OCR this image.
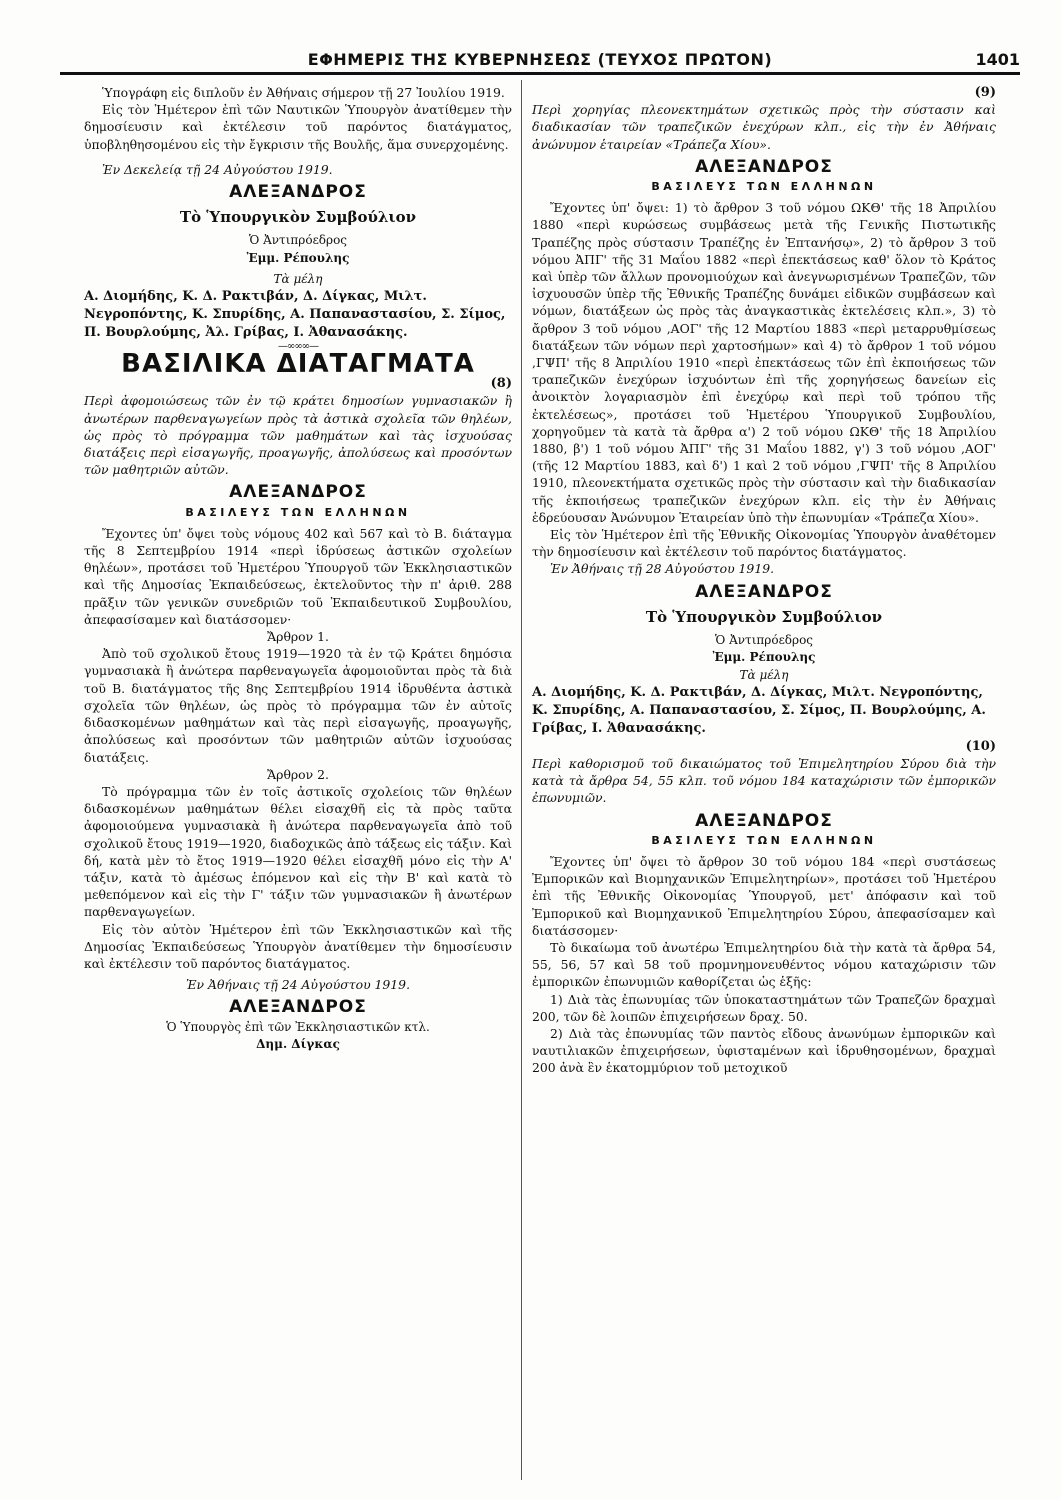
ΕΦΗΜΕΡΙΣ ΤΗΣ ΚΥΒΕΡΝΗΣΕΩΣ (ΤΕΥΧΟΣ ΠΡΩΤΟΝ)	1401

Ὑπογράφη εἰς διπλοῦν ἐν Ἀθήναις σήμερον τῇ 27 Ἰουλίου 1919.

Εἰς τὸν Ἡμέτερον ἐπὶ τῶν Ναυτικῶν Ὑπουργὸν ἀνατίθεμεν τὴν δημοσίευσιν καὶ ἐκτέλεσιν τοῦ παρόντος διατάγματος, ὑποβληθησομένου εἰς τὴν ἔγκρισιν τῆς Βουλῆς, ἅμα συνερχομένης.

Ἐν Δεκελείᾳ τῇ 24 Αὐγούστου 1919.

ΑΛΕΞΑΝΔΡΟΣ
Τὸ Ὑπουργικὸν Συμβούλιον
Ὁ Ἀντιπρόεδρος
Ἐμμ. Ρέπουλης
Τὰ μέλη

Α. Διομήδης, Κ. Δ. Ρακτιβάν, Δ. Δίγκας, Μιλτ. Νεγροπόντης, Κ. Σπυρίδης, Α. Παπαναστασίου, Σ. Σίμος, Π. Βουρλούμης, Ἀλ. Γρίβας, Ι. Ἀθανασάκης.

—∞∞∞—
ΒΑΣΙΛΙΚΑ ΔΙΑΤΑΓΜΑΤΑ
(8)

Περὶ ἀφομοιώσεως τῶν ἐν τῷ κράτει δημοσίων γυμνασιακῶν ἢ ἀνωτέρων παρθεναγωγείων πρὸς τὰ ἀστικὰ σχολεῖα τῶν θηλέων, ὡς πρὸς τὸ πρόγραμμα τῶν μαθημάτων καὶ τὰς ἰσχυούσας διατάξεις περὶ εἰσαγωγῆς, προαγωγῆς, ἀπολύσεως καὶ προσόντων τῶν μαθητριῶν αὐτῶν.

ΑΛΕΞΑΝΔΡΟΣ
ΒΑΣΙΛΕΥΣ ΤΩΝ ΕΛΛΗΝΩΝ

Ἔχοντες ὑπ' ὄψει τοὺς νόμους 402 καὶ 567 καὶ τὸ Β. διάταγμα τῆς 8 Σεπτεμβρίου 1914 «περὶ ἱδρύσεως ἀστικῶν σχολείων θηλέων», προτάσει τοῦ Ἡμετέρου Ὑπουργοῦ τῶν Ἐκκλησιαστικῶν καὶ τῆς Δημοσίας Ἐκπαιδεύσεως, ἐκτελοῦντος τὴν π' ἀριθ. 288 πρᾶξιν τῶν γενικῶν συνεδριῶν τοῦ Ἐκπαιδευτικοῦ Συμβουλίου, ἀπεφασίσαμεν καὶ διατάσσομεν·

Ἄρθρον 1.

Ἀπὸ τοῦ σχολικοῦ ἔτους 1919—1920 τὰ ἐν τῷ Κράτει δημόσια γυμνασιακὰ ἢ ἀνώτερα παρθεναγωγεῖα ἀφομοιοῦνται πρὸς τὰ διὰ τοῦ Β. διατάγματος τῆς 8ης Σεπτεμβρίου 1914 ἱδρυθέντα ἀστικὰ σχολεῖα τῶν θηλέων, ὡς πρὸς τὸ πρόγραμμα τῶν ἐν αὐτοῖς διδασκομένων μαθημάτων καὶ τὰς περὶ εἰσαγωγῆς, προαγωγῆς, ἀπολύσεως καὶ προσόντων τῶν μαθητριῶν αὐτῶν ἰσχυούσας διατάξεις.

Ἄρθρον 2.

Τὸ πρόγραμμα τῶν ἐν τοῖς ἀστικοῖς σχολείοις τῶν θηλέων διδασκομένων μαθημάτων θέλει εἰσαχθῆ εἰς τὰ πρὸς ταῦτα ἀφομοιούμενα γυμνασιακὰ ἢ ἀνώτερα παρθεναγωγεῖα ἀπὸ τοῦ σχολικοῦ ἔτους 1919—1920, διαδοχικῶς ἀπὸ τάξεως εἰς τάξιν. Καὶ δή, κατὰ μὲν τὸ ἔτος 1919—1920 θέλει εἰσαχθῆ μόνο εἰς τὴν Α' τάξιν, κατὰ τὸ ἀμέσως ἑπόμενον καὶ εἰς τὴν Β' καὶ κατὰ τὸ μεθεπόμενον καὶ εἰς τὴν Γ' τάξιν τῶν γυμνασιακῶν ἢ ἀνωτέρων παρθεναγωγείων.

Εἰς τὸν αὐτὸν Ἡμέτερον ἐπὶ τῶν Ἐκκλησιαστικῶν καὶ τῆς Δημοσίας Ἐκπαιδεύσεως Ὑπουργὸν ἀνατίθεμεν τὴν δημοσίευσιν καὶ ἐκτέλεσιν τοῦ παρόντος διατάγματος.

Ἐν Ἀθήναις τῇ 24 Αὐγούστου 1919.

ΑΛΕΞΑΝΔΡΟΣ
Ὁ Ὑπουργὸς ἐπὶ τῶν Ἐκκλησιαστικῶν κτλ.
Δημ. Δίγκας
(9)

Περὶ χορηγίας πλεονεκτημάτων σχετικῶς πρὸς τὴν σύστασιν καὶ διαδικασίαν τῶν τραπεζικῶν ἐνεχύρων κλπ., εἰς τὴν ἐν Ἀθήναις ἀνώνυμον ἑταιρείαν «Τράπεζα Χίου».

ΑΛΕΞΑΝΔΡΟΣ
ΒΑΣΙΛΕΥΣ ΤΩΝ ΕΛΛΗΝΩΝ

Ἔχοντες ὑπ' ὄψει: 1) τὸ ἄρθρον 3 τοῦ νόμου ΩΚΘ' τῆς 18 Ἀπριλίου 1880 «περὶ κυρώσεως συμβάσεως μετὰ τῆς Γενικῆς Πιστωτικῆς Τραπέζης πρὸς σύστασιν Τραπέζης ἐν Ἑπτανήσῳ», 2) τὸ ἄρθρον 3 τοῦ νόμου ἈΠΓ' τῆς 31 Μαΐου 1882 «περὶ ἐπεκτάσεως καθ' ὅλον τὸ Κράτος καὶ ὑπὲρ τῶν ἄλλων προνομιούχων καὶ ἀνεγνωρισμένων Τραπεζῶν, τῶν ἰσχυουσῶν ὑπὲρ τῆς Ἐθνικῆς Τραπέζης δυνάμει εἰδικῶν συμβάσεων καὶ νόμων, διατάξεων ὡς πρὸς τὰς ἀναγκαστικὰς ἐκτελέσεις κλπ.», 3) τὸ ἄρθρον 3 τοῦ νόμου ,ΑΟΓ' τῆς 12 Μαρτίου 1883 «περὶ μεταρρυθμίσεως διατάξεων τῶν νόμων περὶ χαρτοσήμων» καὶ 4) τὸ ἄρθρον 1 τοῦ νόμου ,ΓΨΠ' τῆς 8 Ἀπριλίου 1910 «περὶ ἐπεκτάσεως τῶν ἐπὶ ἐκποιήσεως τῶν τραπεζικῶν ἐνεχύρων ἰσχυόντων ἐπὶ τῆς χορηγήσεως δανείων εἰς ἀνοικτὸν λογαριασμὸν ἐπὶ ἐνεχύρῳ καὶ περὶ τοῦ τρόπου τῆς ἐκτελέσεως», προτάσει τοῦ Ἡμετέρου Ὑπουργικοῦ Συμβουλίου, χορηγοῦμεν τὰ κατὰ τὰ ἄρθρα α') 2 τοῦ νόμου ΩΚΘ' τῆς 18 Ἀπριλίου 1880, β') 1 τοῦ νόμου ἈΠΓ' τῆς 31 Μαΐου 1882, γ') 3 τοῦ νόμου ,ΑΟΓ' (τῆς 12 Μαρτίου 1883, καὶ δ') 1 καὶ 2 τοῦ νόμου ,ΓΨΠ' τῆς 8 Ἀπριλίου 1910, πλεονεκτήματα σχετικῶς πρὸς τὴν σύστασιν καὶ τὴν διαδικασίαν τῆς ἐκποιήσεως τραπεζικῶν ἐνεχύρων κλπ. εἰς τὴν ἐν Ἀθήναις ἑδρεύουσαν Ἀνώνυμον Ἑταιρείαν ὑπὸ τὴν ἐπωνυμίαν «Τράπεζα Χίου».

Εἰς τὸν Ἡμέτερον ἐπὶ τῆς Ἐθνικῆς Οἰκονομίας Ὑπουργὸν ἀναθέτομεν τὴν δημοσίευσιν καὶ ἐκτέλεσιν τοῦ παρόντος διατάγματος.

Ἐν Ἀθήναις τῇ 28 Αὐγούστου 1919.

ΑΛΕΞΑΝΔΡΟΣ
Τὸ Ὑπουργικὸν Συμβούλιον
Ὁ Ἀντιπρόεδρος
Ἐμμ. Ρέπουλης
Τὰ μέλη

Α. Διομήδης, Κ. Δ. Ρακτιβάν, Δ. Δίγκας, Μιλτ. Νεγροπόντης, Κ. Σπυρίδης, Α. Παπαναστασίου, Σ. Σίμος, Π. Βουρλούμης, Α. Γρίβας, Ι. Ἀθανασάκης.

(10)

Περὶ καθορισμοῦ τοῦ δικαιώματος τοῦ Ἐπιμελητηρίου Σύρου διὰ τὴν κατὰ τὰ ἄρθρα 54, 55 κλπ. τοῦ νόμου 184 καταχώρισιν τῶν ἐμπορικῶν ἐπωνυμιῶν.

ΑΛΕΞΑΝΔΡΟΣ
ΒΑΣΙΛΕΥΣ ΤΩΝ ΕΛΛΗΝΩΝ

Ἔχοντες ὑπ' ὄψει τὸ ἄρθρον 30 τοῦ νόμου 184 «περὶ συστάσεως Ἐμπορικῶν καὶ Βιομηχανικῶν Ἐπιμελητηρίων», προτάσει τοῦ Ἡμετέρου ἐπὶ τῆς Ἐθνικῆς Οἰκονομίας Ὑπουργοῦ, μετ' ἀπόφασιν καὶ τοῦ Ἐμπορικοῦ καὶ Βιομηχανικοῦ Ἐπιμελητηρίου Σύρου, ἀπεφασίσαμεν καὶ διατάσσομεν·

Τὸ δικαίωμα τοῦ ἀνωτέρω Ἐπιμελητηρίου διὰ τὴν κατὰ τὰ ἄρθρα 54, 55, 56, 57 καὶ 58 τοῦ προμνημονευθέντος νόμου καταχώρισιν τῶν ἐμπορικῶν ἐπωνυμιῶν καθορίζεται ὡς ἑξῆς:

1) Διὰ τὰς ἐπωνυμίας τῶν ὑποκαταστημάτων τῶν Τραπεζῶν δραχμαὶ 200, τῶν δὲ λοιπῶν ἐπιχειρήσεων δραχ. 50.

2) Διὰ τὰς ἐπωνυμίας τῶν παντὸς εἴδους ἀνωνύμων ἐμπορικῶν καὶ ναυτιλιακῶν ἐπιχειρήσεων, ὑφισταμένων καὶ ἱδρυθησομένων, δραχμαὶ 200 ἀνὰ ἓν ἑκατομμύριον τοῦ μετοχικοῦ
